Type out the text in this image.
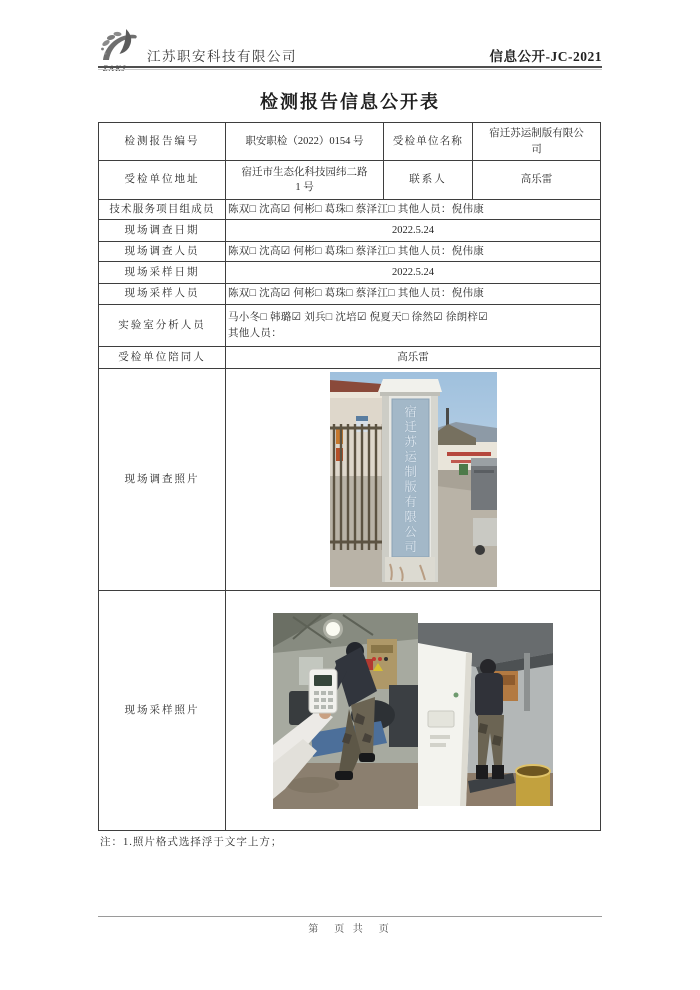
江苏职安科技有限公司	信息公开-JC-2021
检测报告信息公开表
检测报告编号	职安职检（2022）0154 号	受检单位名称	宿迁苏运制版有限公
司
受检单位地址	宿迁市生态化科技园纬二路
1 号	联系人	高乐雷
技术服务项目组成员	陈双□ 沈高☑ 何彬□ 葛珠□ 蔡泽江□ 其他人员：倪伟康		
现场调查日期	2022.5.24		
现场调查人员	陈双□ 沈高☑ 何彬□ 葛珠□ 蔡泽江□ 其他人员：倪伟康		
现场采样日期	2022.5.24		
现场采样人员	陈双□ 沈高☑ 何彬□ 葛珠□ 蔡泽江□ 其他人员：倪伟康		
实验室分析人员	马小冬□ 韩璐☑ 刘兵□ 沈培☑ 倪夏天□ 徐然☑ 徐朗梓☑
其他人员：		

受检单位陪同人	高乐雷		
现场调查照片	宿迁苏运制版有限公司		

现场采样照片	
注：1.照片格式选择浮于文字上方；
第　页 共　页
